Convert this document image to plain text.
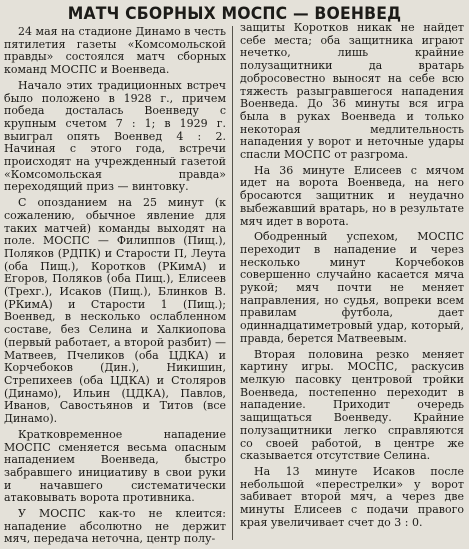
МАТЧ СБОРНЫХ МОСПС — ВОЕНВЕД

24 мая на стадионе Динамо в честь пятилетия газеты «Комсомольской правды» состоялся матч сборных команд МОСПС и Военведа.

Начало этих традиционных встреч было положено в 1928 г., причем победа досталась Военведу с крупным счетом 7 : 1; в 1929 г. выиграл опять Военвед 4 : 2. Начиная с этого года, встречи происходят на учрежденный газетой «Комсомольская правда» переходящий приз — винтовку.

С опозданием на 25 минут (к сожалению, обычное явление для таких матчей) команды выходят на поле. МОСПС — Филиппов (Пищ.), Поляков (РДПК) и Старости П, Леута (оба Пищ.), Коротков (РКимА) и Егоров, Поляков (оба Пищ.), Елисеев (Трехг.), Исаков (Пищ.), Блинков В. (РКимА) и Старости 1 (Пищ.); Военвед, в несколько ослабленном составе, без Селина и Халкиопова (первый работает, а второй разбит) — Матвеев, Пчеликов (оба ЦДКА) и Корчебоков (Дин.), Никишин, Стрепихеев (оба ЦДКА) и Столяров (Динамо), Ильин (ЦДКА), Павлов, Иванов, Савостьянов и Титов (все Динамо).

Кратковременное нападение МОСПС сменяется весьма опасным нападением Военведа, быстро забравшего инициативу в свои руки и начавшего систематически атаковывать ворота противника.

У МОСПС как-то не клеится: нападение абсолютно не держит мяч, передача неточна, центр полу-

защиты Коротков никак не найдет себе места; оба защитника играют нечетко, лишь крайние полузащитники да вратарь добросовестно выносят на себе всю тяжесть разыгравшегося нападения Военведа. До 36 минуты вся игра была в руках Военведа и только некоторая медлительность нападения у ворот и неточные удары спасли МОСПС от разгрома.

На 36 минуте Елисеев с мячом идет на ворота Военведа, на него бросаются защитник и неудачно выбежавший вратарь, но в результате мяч идет в ворота.

Ободренный успехом, МОСПС переходит в нападение и через несколько минут Корчебоков совершенно случайно касается мяча рукой; мяч почти не меняет направления, но судья, вопреки всем правилам футбола, дает одиннадцатиметровый удар, который, правда, берется Матвеевым.

Вторая половина резко меняет картину игры. МОСПС, раскусив мелкую пасовку центровой тройки Военведа, постепенно переходит в нападение. Приходит очередь защищаться Военведу. Крайние полузащитники легко справляются со своей работой, в центре же сказывается отсутствие Селина.

На 13 минуте Исаков после небольшой «перестрелки» у ворот забивает второй мяч, а через две минуты Елисеев с подачи правого края увеличивает счет до 3 : 0.
